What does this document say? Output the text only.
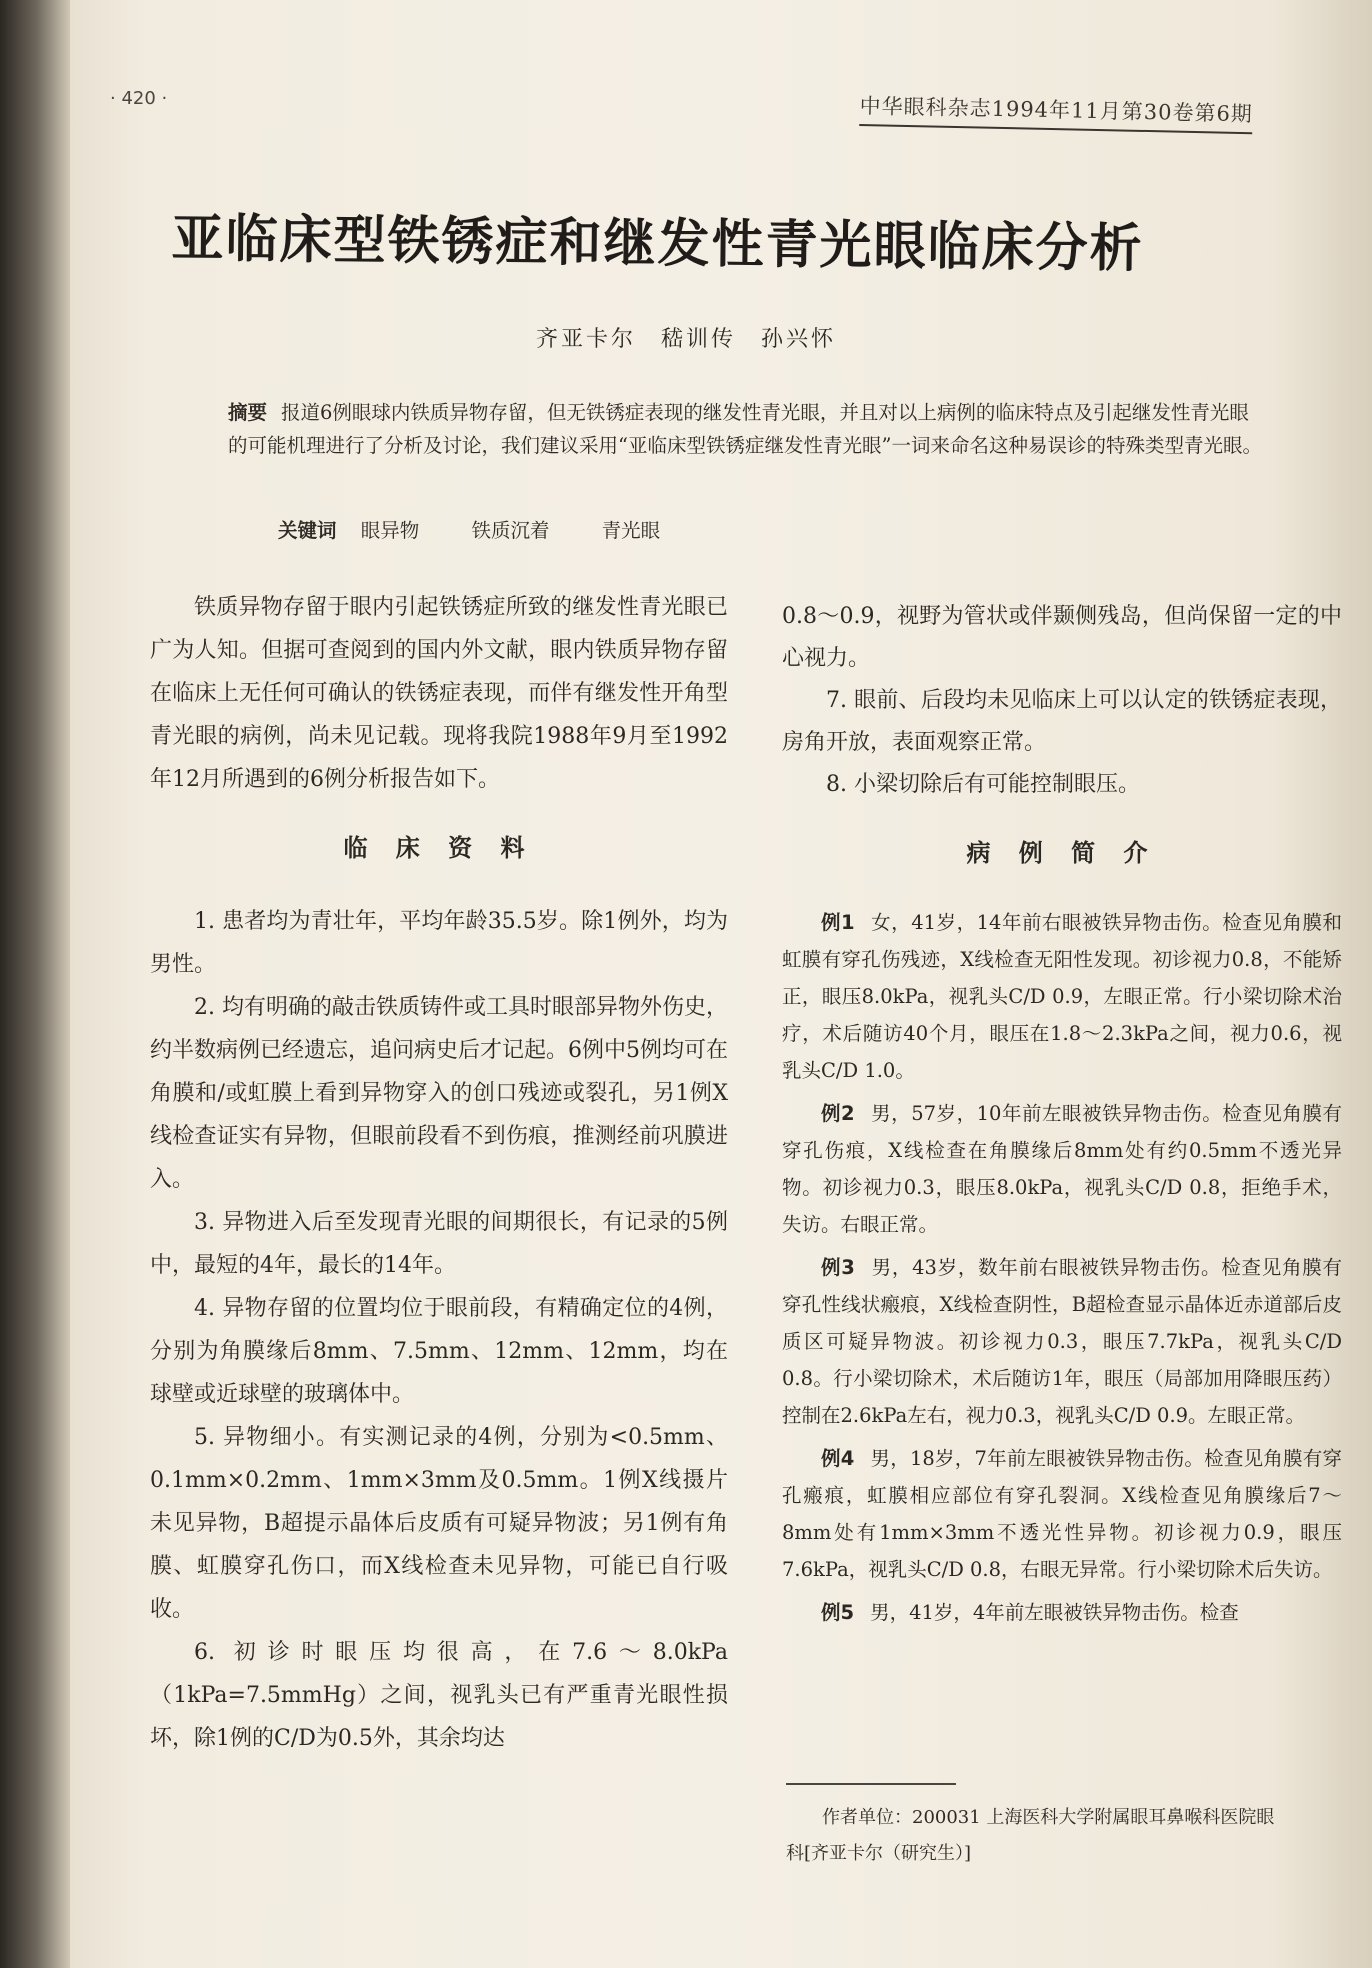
· 420 ·	中华眼科杂志1994年11月第30卷第6期
亚临床型铁锈症和继发性青光眼临床分析
齐亚卡尔　嵇训传　孙兴怀
摘要 报道6例眼球内铁质异物存留，但无铁锈症表现的继发性青光眼，并且对以上病例的临床特点及引起继发性青光眼的可能机理进行了分析及讨论，我们建议采用“亚临床型铁锈症继发性青光眼”一词来命名这种易误诊的特殊类型青光眼。
关键词 眼异物	铁质沉着	青光眼

铁质异物存留于眼内引起铁锈症所致的继发性青光眼已广为人知。但据可查阅到的国内外文献，眼内铁质异物存留在临床上无任何可确认的铁锈症表现，而伴有继发性开角型青光眼的病例，尚未见记载。现将我院1988年9月至1992年12月所遇到的6例分析报告如下。

临 床 资 料

1. 患者均为青壮年，平均年龄35.5岁。除1例外，均为男性。

2. 均有明确的敲击铁质铸件或工具时眼部异物外伤史，约半数病例已经遗忘，追问病史后才记起。6例中5例均可在角膜和/或虹膜上看到异物穿入的创口残迹或裂孔，另1例X线检查证实有异物，但眼前段看不到伤痕，推测经前巩膜进入。

3. 异物进入后至发现青光眼的间期很长，有记录的5例中，最短的4年，最长的14年。

4. 异物存留的位置均位于眼前段，有精确定位的4例，分别为角膜缘后8mm、7.5mm、12mm、12mm，均在球壁或近球壁的玻璃体中。

5. 异物细小。有实测记录的4例，分别为<0.5mm、0.1mm×0.2mm、1mm×3mm及0.5mm。1例X线摄片未见异物，B超提示晶体后皮质有可疑异物波；另1例有角膜、虹膜穿孔伤口，而X线检查未见异物，可能已自行吸收。

6. 初诊时眼压均很高，在7.6～8.0kPa（1kPa=7.5mmHg）之间，视乳头已有严重青光眼性损坏，除1例的C/D为0.5外，其余均达

0.8～0.9，视野为管状或伴颞侧残岛，但尚保留一定的中心视力。

7. 眼前、后段均未见临床上可以认定的铁锈症表现，房角开放，表面观察正常。

8. 小梁切除后有可能控制眼压。

病 例 简 介

例1 女，41岁，14年前右眼被铁异物击伤。检查见角膜和虹膜有穿孔伤残迹，X线检查无阳性发现。初诊视力0.8，不能矫正，眼压8.0kPa，视乳头C/D 0.9，左眼正常。行小梁切除术治疗，术后随访40个月，眼压在1.8～2.3kPa之间，视力0.6，视乳头C/D 1.0。

例2 男，57岁，10年前左眼被铁异物击伤。检查见角膜有穿孔伤痕，X线检查在角膜缘后8mm处有约0.5mm不透光异物。初诊视力0.3，眼压8.0kPa，视乳头C/D 0.8，拒绝手术，失访。右眼正常。

例3 男，43岁，数年前右眼被铁异物击伤。检查见角膜有穿孔性线状瘢痕，X线检查阴性，B超检查显示晶体近赤道部后皮质区可疑异物波。初诊视力0.3，眼压7.7kPa，视乳头C/D 0.8。行小梁切除术，术后随访1年，眼压（局部加用降眼压药）控制在2.6kPa左右，视力0.3，视乳头C/D 0.9。左眼正常。

例4 男，18岁，7年前左眼被铁异物击伤。检查见角膜有穿孔瘢痕，虹膜相应部位有穿孔裂洞。X线检查见角膜缘后7～8mm处有1mm×3mm不透光性异物。初诊视力0.9，眼压7.6kPa，视乳头C/D 0.8，右眼无异常。行小梁切除术后失访。

例5 男，41岁，4年前左眼被铁异物击伤。检查

作者单位：200031 上海医科大学附属眼耳鼻喉科医院眼
科[齐亚卡尔（研究生）]
